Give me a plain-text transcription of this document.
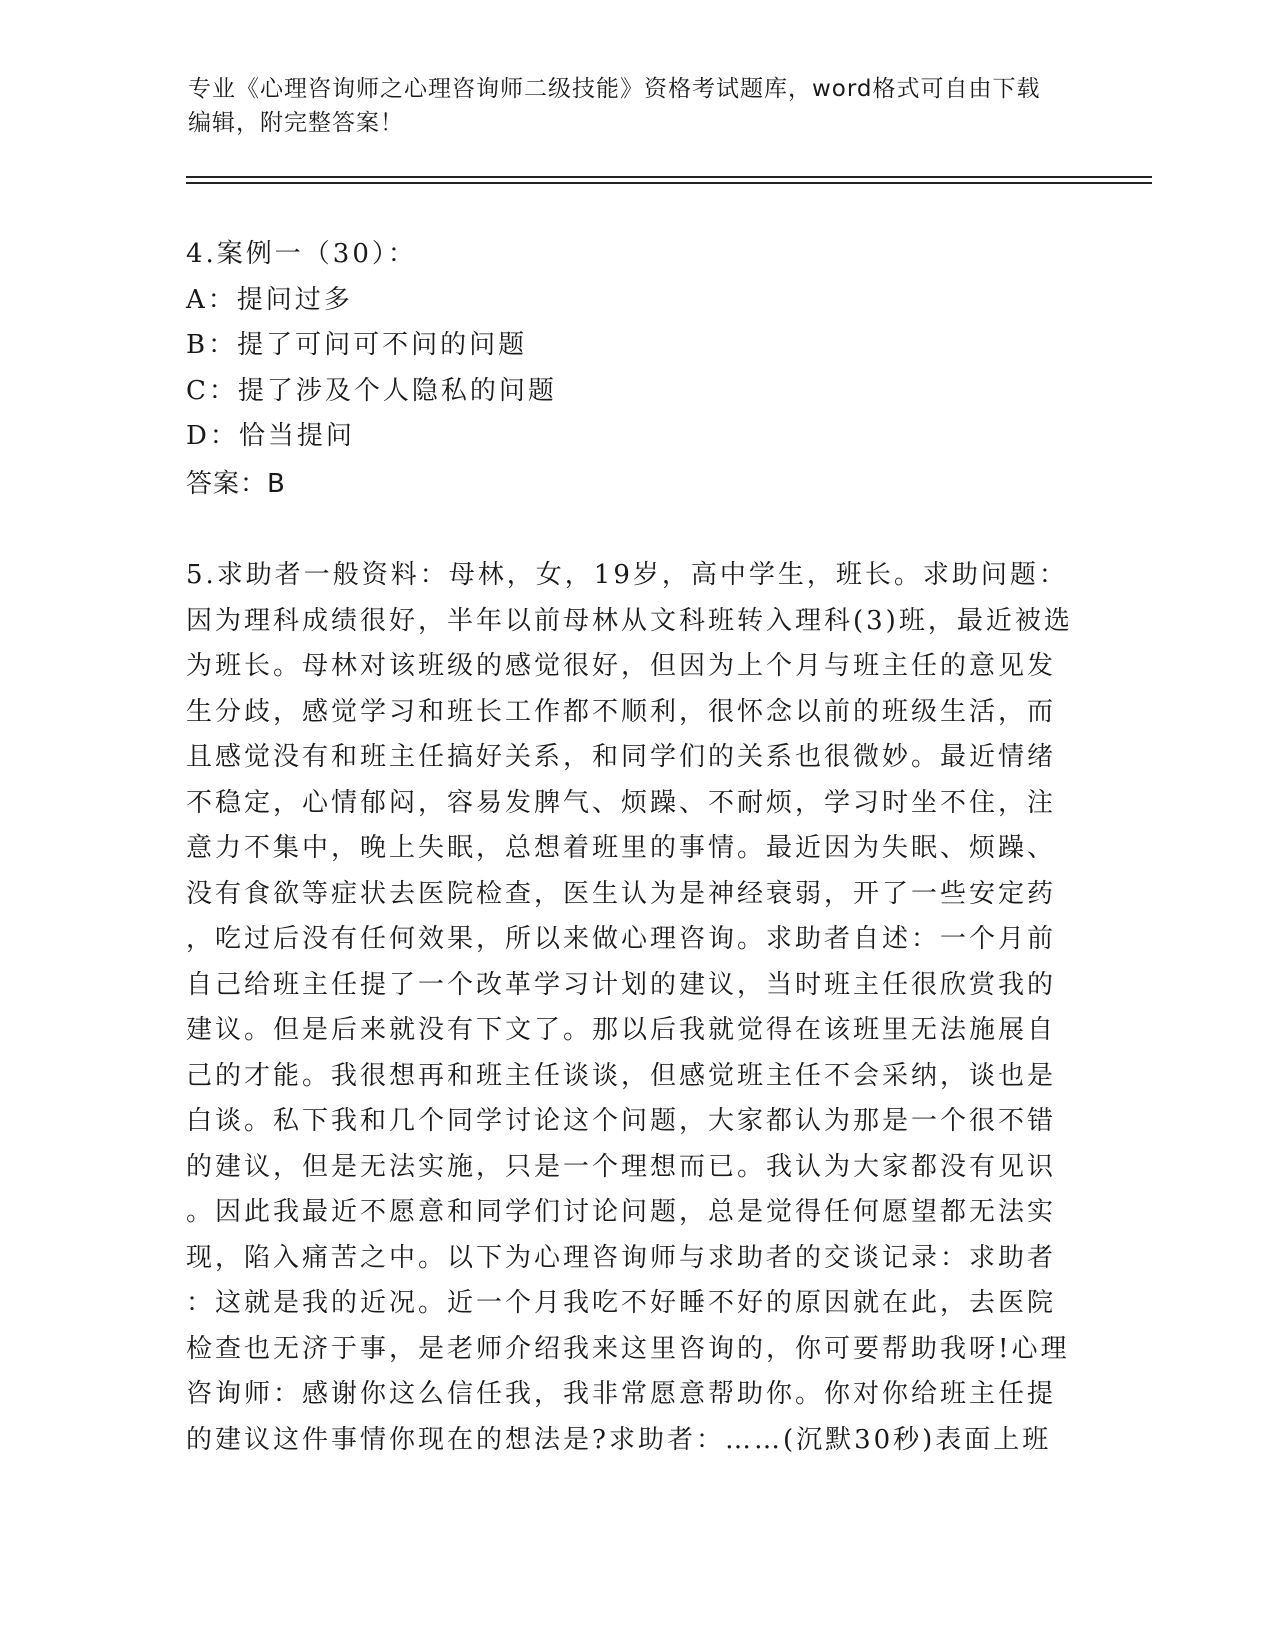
专业《心理咨询师之心理咨询师二级技能》资格考试题库，word格式可自由下载
编辑，附完整答案！
4.案例一（30）：
A：提问过多
B：提了可问可不问的问题
C：提了涉及个人隐私的问题
D：恰当提问
答案：B
5.求助者一般资料：母林，女，19岁，高中学生，班长。求助问题：
因为理科成绩很好，半年以前母林从文科班转入理科(3)班，最近被选
为班长。母林对该班级的感觉很好，但因为上个月与班主任的意见发
生分歧，感觉学习和班长工作都不顺利，很怀念以前的班级生活，而
且感觉没有和班主任搞好关系，和同学们的关系也很微妙。最近情绪
不稳定，心情郁闷，容易发脾气、烦躁、不耐烦，学习时坐不住，注
意力不集中，晚上失眠，总想着班里的事情。最近因为失眠、烦躁、
没有食欲等症状去医院检查，医生认为是神经衰弱，开了一些安定药
，吃过后没有任何效果，所以来做心理咨询。求助者自述：一个月前
自己给班主任提了一个改革学习计划的建议，当时班主任很欣赏我的
建议。但是后来就没有下文了。那以后我就觉得在该班里无法施展自
己的才能。我很想再和班主任谈谈，但感觉班主任不会采纳，谈也是
白谈。私下我和几个同学讨论这个问题，大家都认为那是一个很不错
的建议，但是无法实施，只是一个理想而已。我认为大家都没有见识
。因此我最近不愿意和同学们讨论问题，总是觉得任何愿望都无法实
现，陷入痛苦之中。以下为心理咨询师与求助者的交谈记录：求助者
：这就是我的近况。近一个月我吃不好睡不好的原因就在此，去医院
检查也无济于事，是老师介绍我来这里咨询的，你可要帮助我呀!心理
咨询师：感谢你这么信任我，我非常愿意帮助你。你对你给班主任提
的建议这件事情你现在的想法是?求助者：……(沉默30秒)表面上班
